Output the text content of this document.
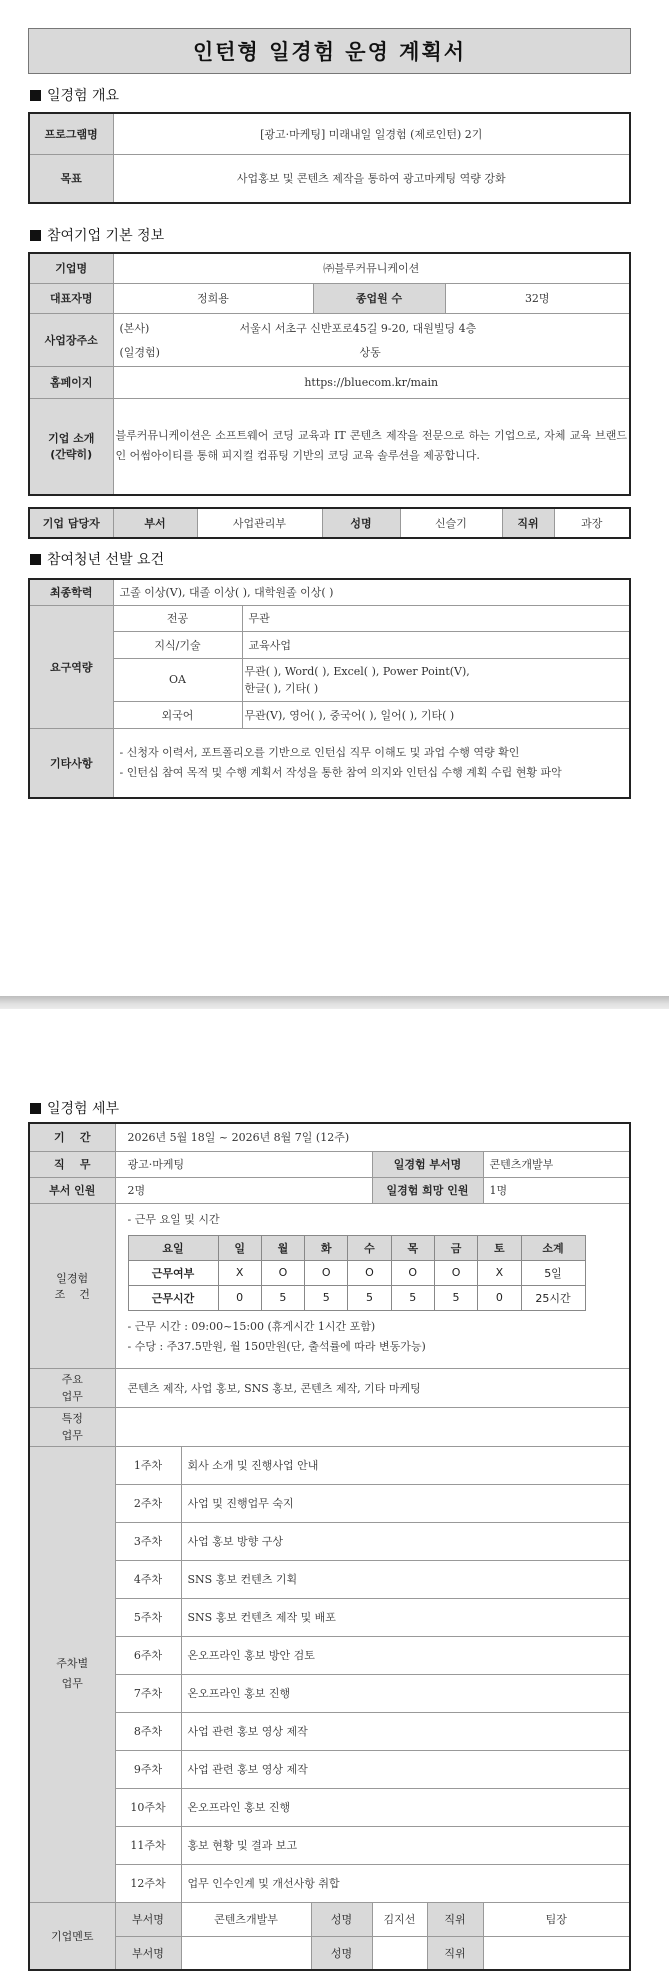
인턴형 일경험 운영 계획서
일경험 개요
프로그램명	[광고·마케팅] 미래내일 일경험 (제로인턴) 2기
목표	사업홍보 및 콘텐츠 제작을 통하여 광고마케팅 역량 강화
참여기업 기본 정보
기업명	㈜블루커뮤니케이션		
대표자명	정희용	종업원 수	32명
사업장주소	(본사) 서울시 서초구 신반포로45길 9-20, 대원빌딩 4층
(일경험) 상동		

홈페이지	https://bluecom.kr/main		

기업 소개
(간략히)	블루커뮤니케이션은 소프트웨어 코딩 교육과 IT 콘텐츠 제작을 전문으로 하는 기업으로, 자체 교육 브랜드인 어썸아이티를 통해 피지컬 컴퓨팅 기반의 코딩 교육 솔루션을 제공합니다.		
기업 담당자	부서	사업관리부	성명	신슬기	직위	과장
참여청년 선발 요건
최종학력	고졸 이상(V), 대졸 이상( ), 대학원졸 이상( )	
요구역량	전공	무관
	지식/기술	교육사업
	OA	무관( ), Word( ), Excel( ), Power Point(V),
한글( ), 기타( )

	외국어	무관(V), 영어( ), 중국어( ), 일어( ), 기타( )
기타사항	- 신청자 이력서, 포트폴리오를 기반으로 인턴십 직무 이해도 및 과업 수행 역량 확인
- 인턴십 참여 목적 및 수행 계획서 작성을 통한 참여 의지와 인턴십 수행 계획 수립 현황 파악	
일경험 세부
기    간	2026년 5월 18일 ~ 2026년 8월 7일 (12주)
직    무	광고·마케팅	일경험 부서명	콘텐츠개발부
부서 인원	2명	일경험 희망 인원	1명

일경험
조    건

- 근무 요일 및 시간
요일	일	월	화	수	목	금	토	소계
근무여부	X	O	O	O	O	O	X	5일
근무시간	0	5	5	5	5	5	0	25시간
- 근무 시간 : 09:00~15:00 (휴게시간 1시간 포함)
- 수당 : 주37.5만원, 월 150만원(단, 출석률에 따라 변동가능)

주요
업무
	콘텐츠 제작, 사업 홍보, SNS 홍보, 콘텐츠 제작, 기타 마케팅

특정
업무

주차별
업무
	1주차	회사 소개 및 진행사업 안내
2주차	사업 및 진행업무 숙지
3주차	사업 홍보 방향 구상
4주차	SNS 홍보 컨텐츠 기획
5주차	SNS 홍보 컨텐츠 제작 및 배포
6주차	온오프라인 홍보 방안 검토
7주차	온오프라인 홍보 진행
8주차	사업 관련 홍보 영상 제작
9주차	사업 관련 홍보 영상 제작
10주차	온오프라인 홍보 진행
11주차	홍보 현황 및 결과 보고
12주차	업무 인수인계 및 개선사항 취합
기업멘토	부서명	콘텐츠개발부	성명	김지선	직위	팀장
부서명		성명		직위	
